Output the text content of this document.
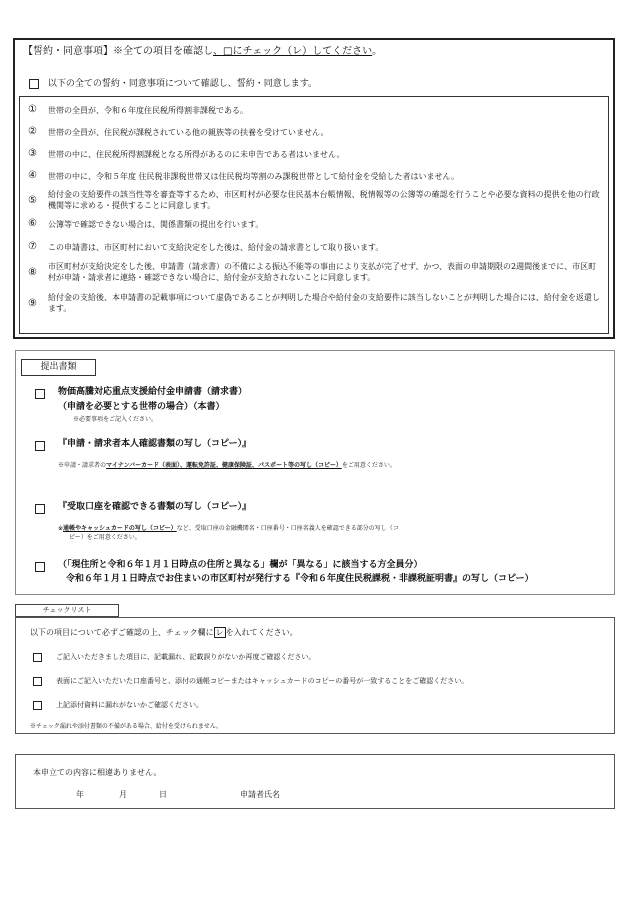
【誓約・同意事項】※全ての項目を確認し、□にチェック（レ）してください。
以下の全ての誓約・同意事項について確認し、誓約・同意します。
① 世帯の全員が、令和６年度住民税所得割非課税である。
② 世帯の全員が、住民税が課税されている他の親族等の扶養を受けていません。
③ 世帯の中に、住民税所得割課税となる所得があるのに未申告である者はいません。
④ 世帯の中に、令和５年度 住民税非課税世帯又は住民税均等割のみ課税世帯として給付金を受給した者はいません。
⑤
給付金の支給要件の該当性等を審査等するため、市区町村が必要な住民基本台帳情報、税情報等の公簿等の確認を行うことや必要な資料の提供を他の行政機関等に求める・提供することに同意します。
⑥ 公簿等で確認できない場合は、関係書類の提出を行います。
⑦ この申請書は、市区町村において支給決定をした後は、給付金の請求書として取り扱います。
⑧
市区町村が支給決定をした後、申請書（請求書）の不備による振込不能等の事由により支払が完了せず、かつ、表面の申請期限の2週間後までに、市区町村が申請・請求者に連絡・確認できない場合に、給付金が支給されないことに同意します。
⑨
給付金の支給後、本申請書の記載事項について虚偽であることが判明した場合や給付金の支給要件に該当しないことが判明した場合には、給付金を返還します。
提出書類
物価高騰対応重点支援給付金申請書（請求書）
（申請を必要とする世帯の場合）（本書）
※必要事項をご記入ください。
『申請・請求者本人確認書類の写し（コピー）』
※申請・請求者のマイナンバーカード（表面）、運転免許証、健康保険証、パスポート等の写し（コピー）をご用意ください。
『受取口座を確認できる書類の写し（コピー）』
※通帳やキャッシュカードの写し（コピー）など、受取口座の金融機関名・口座番号・口座名義人を確認できる部分の写し（コ
ピー）をご用意ください。
（「現住所と令和６年１月１日時点の住所と異なる」欄が「異なる」に該当する方全員分）
令和６年１月１日時点でお住まいの市区町村が発行する『令和６年度住民税課税・非課税証明書』の写し（コピー）
チェックリスト
以下の項目について必ずご確認の上、チェック欄に レ を入れてください。
ご記入いただきました項目に、記載漏れ、記載誤りがないか再度ご確認ください。
表面にご記入いただいた口座番号と、添付の通帳コピーまたはキャッシュカードのコピーの番号が一致することをご確認ください。
上記添付資料に漏れがないかご確認ください。
※チェック漏れや添付書類の不備がある場合、給付を受けられません。
本申立ての内容に相違ありません。
年	月	日	申請者氏名
